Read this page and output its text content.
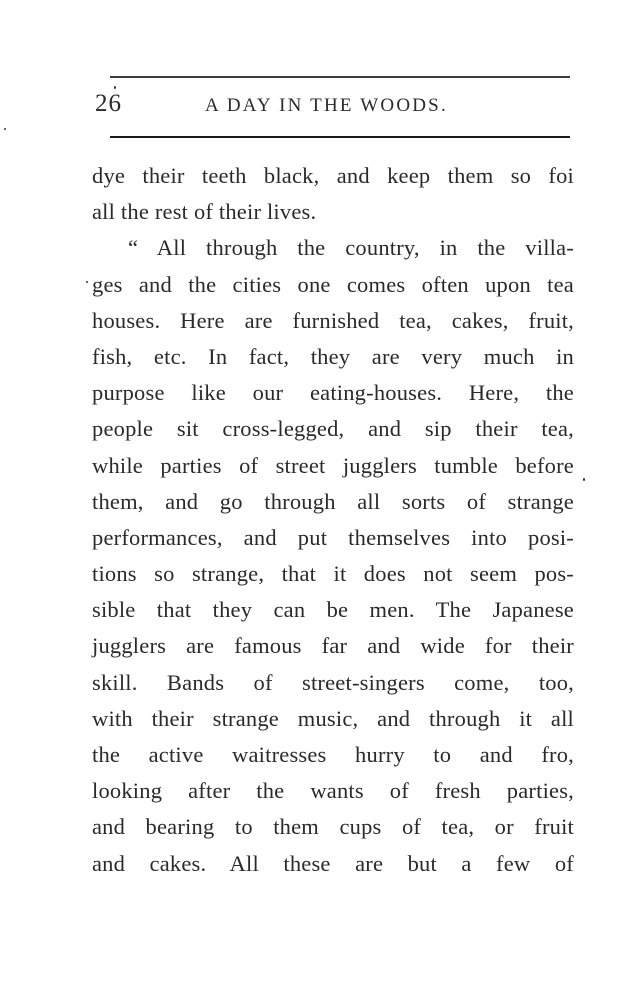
26	A DAY IN THE WOODS.
dye their teeth black, and keep them so foi
all the rest of their lives.
“ All through the country, in the villa-
ges and the cities one comes often upon tea
houses. Here are furnished tea, cakes, fruit,
fish, etc. In fact, they are very much in
purpose like our eating-houses. Here, the
people sit cross-legged, and sip their tea,
while parties of street jugglers tumble before
them, and go through all sorts of strange
performances, and put themselves into posi-
tions so strange, that it does not seem pos-
sible that they can be men. The Japanese
jugglers are famous far and wide for their
skill. Bands of street-singers come, too,
with their strange music, and through it all
the active waitresses hurry to and fro,
looking after the wants of fresh parties,
and bearing to them cups of tea, or fruit
and cakes. All these are but a few of
